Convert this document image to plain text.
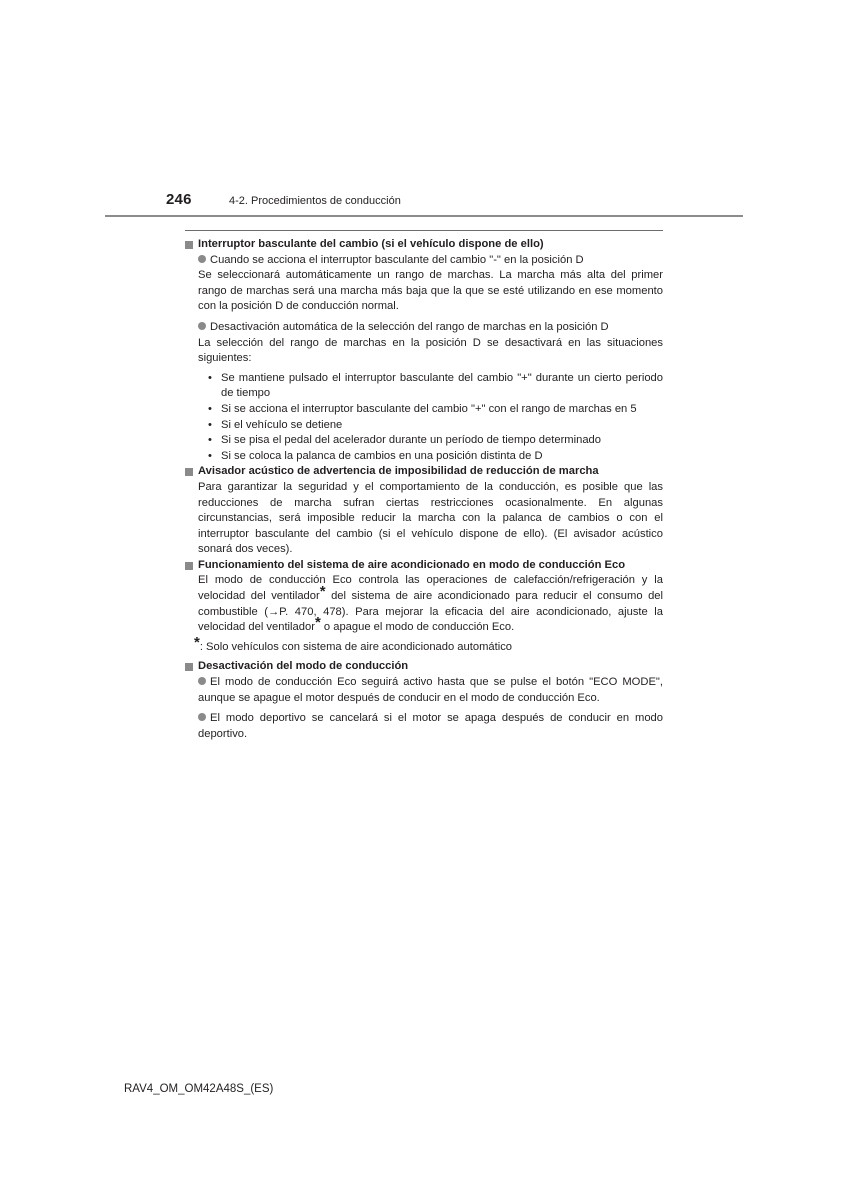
246	4-2. Procedimientos de conducción
Interruptor basculante del cambio (si el vehículo dispone de ello)
Cuando se acciona el interruptor basculante del cambio "-" en la posición D
Se seleccionará automáticamente un rango de marchas. La marcha más alta del primer rango de marchas será una marcha más baja que la que se esté utilizando en ese momento con la posición D de conducción normal.
Desactivación automática de la selección del rango de marchas en la posición D
La selección del rango de marchas en la posición D se desactivará en las situaciones siguientes:
• Se mantiene pulsado el interruptor basculante del cambio "+" durante un cierto periodo de tiempo
• Si se acciona el interruptor basculante del cambio "+" con el rango de marchas en 5
• Si el vehículo se detiene
• Si se pisa el pedal del acelerador durante un período de tiempo determinado
• Si se coloca la palanca de cambios en una posición distinta de D
Avisador acústico de advertencia de imposibilidad de reducción de marcha
Para garantizar la seguridad y el comportamiento de la conducción, es posible que las reducciones de marcha sufran ciertas restricciones ocasionalmente. En algunas circunstancias, será imposible reducir la marcha con la palanca de cambios o con el interruptor basculante del cambio (si el vehículo dispone de ello). (El avisador acústico sonará dos veces).
Funcionamiento del sistema de aire acondicionado en modo de conducción Eco
El modo de conducción Eco controla las operaciones de calefacción/refrigeración y la velocidad del ventilador* del sistema de aire acondicionado para reducir el consumo del combustible (→P. 470, 478). Para mejorar la eficacia del aire acondicionado, ajuste la velocidad del ventilador* o apague el modo de conducción Eco.
*: Solo vehículos con sistema de aire acondicionado automático
Desactivación del modo de conducción
El modo de conducción Eco seguirá activo hasta que se pulse el botón "ECO MODE", aunque se apague el motor después de conducir en el modo de conducción Eco.
El modo deportivo se cancelará si el motor se apaga después de conducir en modo deportivo.
RAV4_OM_OM42A48S_(ES)
